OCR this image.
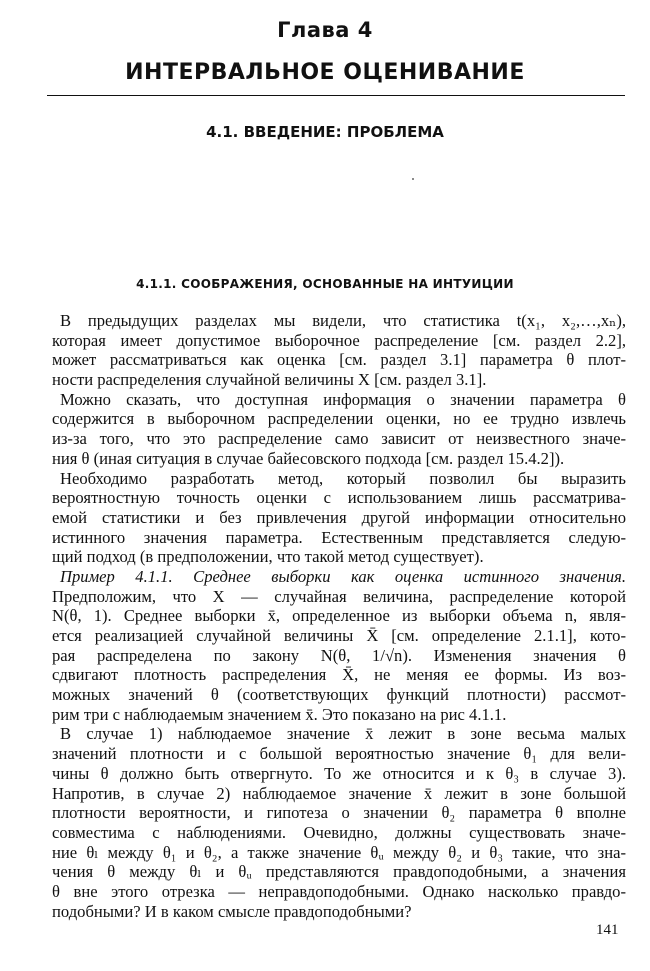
Глава 4
ИНТЕРВАЛЬНОЕ ОЦЕНИВАНИЕ
4.1. ВВЕДЕНИЕ: ПРОБЛЕМА
4.1.1. СООБРАЖЕНИЯ, ОСНОВАННЫЕ НА ИНТУИЦИИ
В предыдущих разделах мы видели, что статистика t(x₁, x₂,…,xₙ),
которая имеет допустимое выборочное распределение [см. раздел 2.2],
может рассматриваться как оценка [см. раздел 3.1] параметра θ плот-
ности распределения случайной величины X [см. раздел 3.1].
Можно сказать, что доступная информация о значении параметра θ
содержится в выборочном распределении оценки, но ее трудно извлечь
из-за того, что это распределение само зависит от неизвестного значе-
ния θ (иная ситуация в случае байесовского подхода [см. раздел 15.4.2]).
Необходимо разработать метод, который позволил бы выразить
вероятностную точность оценки с использованием лишь рассматрива-
емой статистики и без привлечения другой информации относительно
истинного значения параметра. Естественным представляется следую-
щий подход (в предположении, что такой метод существует).
Пример 4.1.1. Среднее выборки как оценка истинного значения.
Предположим, что X — случайная величина, распределение которой
N(θ, 1). Среднее выборки x̄, определенное из выборки объема n, явля-
ется реализацией случайной величины X̄ [см. определение 2.1.1], кото-
рая распределена по закону N(θ, 1/√n). Изменения значения θ
сдвигают плотность распределения X̄, не меняя ее формы. Из воз-
можных значений θ (соответствующих функций плотности) рассмот-
рим три с наблюдаемым значением x̄. Это показано на рис 4.1.1.
В случае 1) наблюдаемое значение x̄ лежит в зоне весьма малых
значений плотности и с большой вероятностью значение θ₁ для вели-
чины θ должно быть отвергнуто. То же относится и к θ₃ в случае 3).
Напротив, в случае 2) наблюдаемое значение x̄ лежит в зоне большой
плотности вероятности, и гипотеза о значении θ₂ параметра θ вполне
совместима с наблюдениями. Очевидно, должны существовать значе-
ние θₗ между θ₁ и θ₂, а также значение θᵤ между θ₂ и θ₃ такие, что зна-
чения θ между θₗ и θᵤ представляются правдоподобными, а значения
θ вне этого отрезка — неправдоподобными. Однако насколько правдо-
подобными? И в каком смысле правдоподобными?
141
